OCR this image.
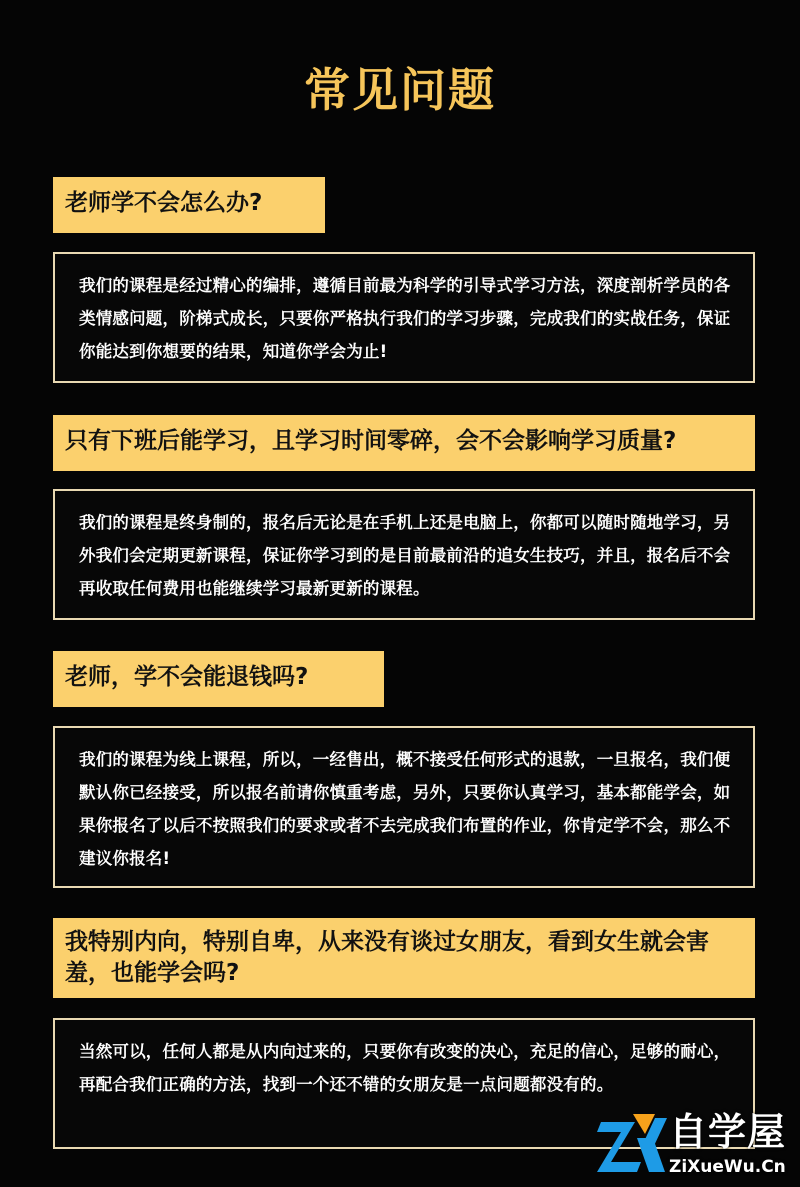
常见问题
老师学不会怎么办?
我们的课程是经过精心的编排，遵循目前最为科学的引导式学习方法，深度剖析学员的各类情感问题，阶梯式成长，只要你严格执行我们的学习步骤，完成我们的实战任务，保证你能达到你想要的结果，知道你学会为止!
只有下班后能学习，且学习时间零碎，会不会影响学习质量?
我们的课程是终身制的，报名后无论是在手机上还是电脑上，你都可以随时随地学习，另外我们会定期更新课程，保证你学习到的是目前最前沿的追女生技巧，并且，报名后不会再收取任何费用也能继续学习最新更新的课程。
老师，学不会能退钱吗?
我们的课程为线上课程，所以，一经售出，概不接受任何形式的退款，一旦报名，我们便默认你已经接受，所以报名前请你慎重考虑，另外，只要你认真学习，基本都能学会，如果你报名了以后不按照我们的要求或者不去完成我们布置的作业，你肯定学不会，那么不建议你报名!
我特别内向，特别自卑，从来没有谈过女朋友，看到女生就会害羞，也能学会吗?
当然可以，任何人都是从内向过来的，只要你有改变的决心，充足的信心，足够的耐心，再配合我们正确的方法，找到一个还不错的女朋友是一点问题都没有的。
自学屋
ZiXueWu.Cn
